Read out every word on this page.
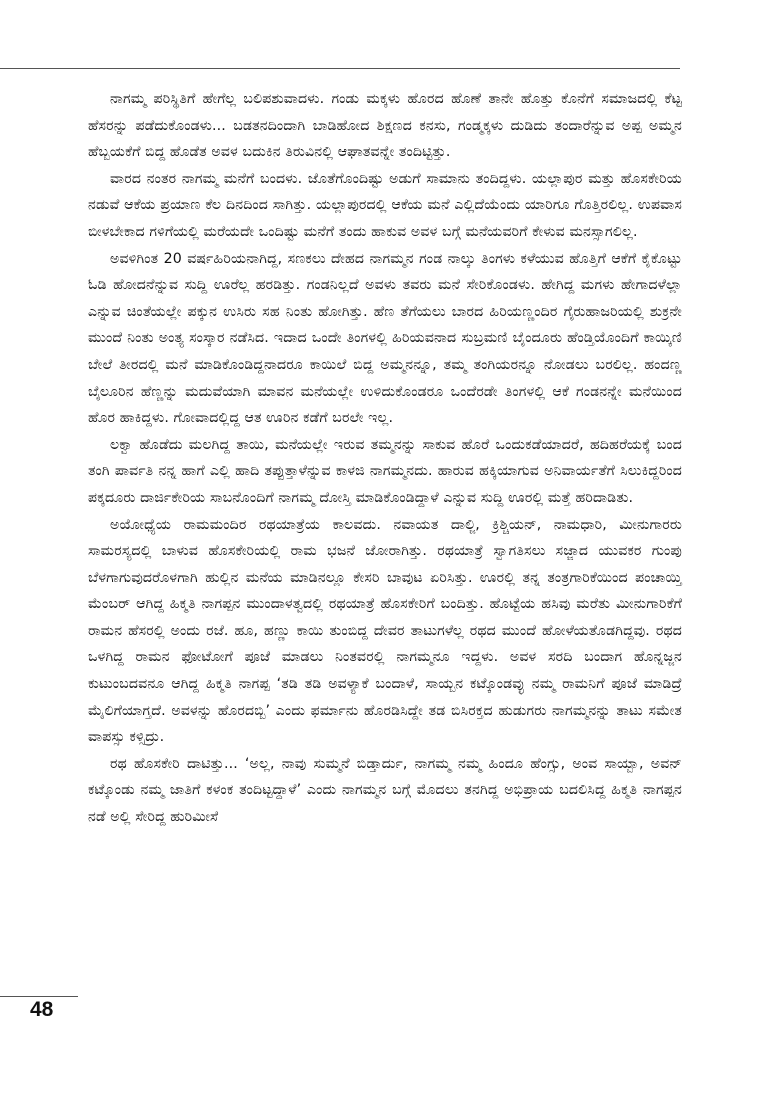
ನಾಗಮ್ಮ ಪರಿಸ್ಥಿತಿಗೆ ಹೇಗೆಲ್ಲ ಬಲಿಪಶುವಾದಳು. ಗಂಡು ಮಕ್ಕಳು ಹೊರದ ಹೊಣೆ ತಾನೇ ಹೊತ್ತು ಕೊನೆಗೆ ಸಮಾಜದಲ್ಲಿ ಕೆಟ್ಟ ಹೆಸರನ್ನು ಪಡೆದುಕೊಂಡಳು... ಬಡತನದಿಂದಾಗಿ ಬಾಡಿಹೋದ ಶಿಕ್ಷಣದ ಕನಸು, ಗಂಡ್ಮಕ್ಕಳು ದುಡಿದು ತಂದಾರೆನ್ನುವ ಅಪ್ಪ ಅಮ್ಮನ ಹೆಬ್ಬಯಕೆಗೆ ಬಿದ್ದ ಹೊಡೆತ ಅವಳ ಬದುಕಿನ ತಿರುವಿನಲ್ಲಿ ಆಘಾತವನ್ನೇ ತಂದಿಟ್ಟಿತ್ತು.

ವಾರದ ನಂತರ ನಾಗಮ್ಮ ಮನೆಗೆ ಬಂದಳು. ಜೊತೆಗೊಂದಿಷ್ಟು ಅಡುಗೆ ಸಾಮಾನು ತಂದಿದ್ದಳು. ಯಲ್ಲಾಪುರ ಮತ್ತು ಹೊಸಕೇರಿಯ ನಡುವೆ ಆಕೆಯ ಪ್ರಯಾಣ ಕೆಲ ದಿನದಿಂದ ಸಾಗಿತ್ತು. ಯಲ್ಲಾಪುರದಲ್ಲಿ ಆಕೆಯ ಮನೆ ಎಲ್ಲಿದೆಯೆಂದು ಯಾರಿಗೂ ಗೊತ್ತಿರಲಿಲ್ಲ. ಉಪವಾಸ ಬೀಳಬೇಕಾದ ಗಳಿಗೆಯಲ್ಲಿ ಮರೆಯದೇ ಒಂದಿಷ್ಟು ಮನೆಗೆ ತಂದು ಹಾಕುವ ಅವಳ ಬಗ್ಗೆ ಮನೆಯವರಿಗೆ ಕೇಳುವ ಮನಸ್ಸಾಗಲಿಲ್ಲ.

ಅವಳಿಗಿಂತ 20 ವರ್ಷಹಿರಿಯನಾಗಿದ್ದ, ಸಣಕಲು ದೇಹದ ನಾಗಮ್ಮನ ಗಂಡ ನಾಲ್ಕು ತಿಂಗಳು ಕಳೆಯುವ ಹೊತ್ತಿಗೆ ಆಕೆಗೆ ಕೈಕೊಟ್ಟು ಓಡಿ ಹೋದನೆನ್ನುವ ಸುದ್ದಿ ಊರೆಲ್ಲ ಹರಡಿತ್ತು. ಗಂಡನಿಲ್ಲದೆ ಅವಳು ತವರು ಮನೆ ಸೇರಿಕೊಂಡಳು. ಹೇಗಿದ್ದ ಮಗಳು ಹೇಗಾದಳೆಲ್ಲಾ ಎನ್ನುವ ಚಿಂತೆಯಲ್ಲೇ ಪಕ್ಕುನ ಉಸಿರು ಸಹ ನಿಂತು ಹೋಗಿತ್ತು. ಹೆಣ ತೆಗೆಯಲು ಬಾರದ ಹಿರಿಯಣ್ಣಂದಿರ ಗೈರುಹಾಜರಿಯಲ್ಲಿ ಶುಕ್ರನೇ ಮುಂದೆ ನಿಂತು ಅಂತ್ಯ ಸಂಸ್ಕಾರ ನಡೆಸಿದ. ಇದಾದ ಒಂದೇ ತಿಂಗಳಲ್ಲಿ ಹಿರಿಯವನಾದ ಸುಬ್ರಮಣಿ ಬೈಂದೂರು ಹೆಂಡ್ತಿಯೊಂದಿಗೆ ಕಾಯ್ಕಿಣಿ ಬೇಲೆ ತೀರದಲ್ಲಿ ಮನೆ ಮಾಡಿಕೊಂಡಿದ್ದನಾದರೂ ಕಾಯಿಲೆ ಬಿದ್ದ ಅಮ್ಮನನ್ನೂ, ತಮ್ಮ ತಂಗಿಯರನ್ನೂ ನೋಡಲು ಬರಲಿಲ್ಲ. ಹಂದಣ್ಣ ಬೈಲೂರಿನ ಹೆಣ್ಣನ್ನು ಮದುವೆಯಾಗಿ ಮಾವನ ಮನೆಯಲ್ಲೇ ಉಳಿದುಕೊಂಡರೂ ಒಂದೆರಡೇ ತಿಂಗಳಲ್ಲಿ ಆಕೆ ಗಂಡನನ್ನೇ ಮನೆಯಿಂದ ಹೊರ ಹಾಕಿದ್ದಳು. ಗೋವಾದಲ್ಲಿದ್ದ ಆತ ಊರಿನ ಕಡೆಗೆ ಬರಲೇ ಇಲ್ಲ.

ಲಕ್ವಾ ಹೊಡೆದು ಮಲಗಿದ್ದ ತಾಯಿ, ಮನೆಯಲ್ಲೇ ಇರುವ ತಮ್ಮನನ್ನು ಸಾಕುವ ಹೊರೆ ಒಂದುಕಡೆಯಾದರೆ, ಹದಿಹರೆಯಕ್ಕೆ ಬಂದ ತಂಗಿ ಪಾರ್ವತಿ ನನ್ನ ಹಾಗೆ ಎಲ್ಲಿ ಹಾದಿ ತಪ್ಪುತ್ತಾಳೆನ್ನುವ ಕಾಳಜಿ ನಾಗಮ್ಮನದು. ಹಾರುವ ಹಕ್ಕಿಯಾಗುವ ಅನಿವಾರ್ಯತೆಗೆ ಸಿಲುಕಿದ್ದರಿಂದ ಪಕ್ಕದೂರು ದಾರ್ಜಿಕೇರಿಯ ಸಾಬನೊಂದಿಗೆ ನಾಗಮ್ಮ ದೋಸ್ತಿ ಮಾಡಿಕೊಂಡಿದ್ದಾಳೆ ಎನ್ನುವ ಸುದ್ದಿ ಊರಲ್ಲಿ ಮತ್ತೆ ಹರಿದಾಡಿತು.

ಅಯೋಧ್ಯೆಯ ರಾಮಮಂದಿರ ರಥಯಾತ್ರೆಯ ಕಾಲವದು. ನವಾಯತ ದಾಲ್ಜಿ, ಕ್ರಿಶ್ಚಿಯನ್, ನಾಮಧಾರಿ, ಮೀನುಗಾರರು ಸಾಮರಸ್ಯದಲ್ಲಿ ಬಾಳುವ ಹೊಸಕೇರಿಯಲ್ಲಿ ರಾಮ ಭಜನೆ ಜೋರಾಗಿತ್ತು. ರಥಯಾತ್ರೆ ಸ್ವಾಗತಿಸಲು ಸಜ್ಜಾದ ಯುವಕರ ಗುಂಪು ಬೆಳಗಾಗುವುದರೊಳಗಾಗಿ ಹುಲ್ಲಿನ ಮನೆಯ ಮಾಡಿನಲ್ಲೂ ಕೇಸರಿ ಬಾವುಟ ಏರಿಸಿತ್ತು. ಊರಲ್ಲಿ ತನ್ನ ತಂತ್ರಗಾರಿಕೆಯಿಂದ ಪಂಚಾಯ್ತಿ ಮೆಂಬರ್ ಆಗಿದ್ದ ಹಿಕ್ಮತಿ ನಾಗಪ್ಪನ ಮುಂದಾಳತ್ವದಲ್ಲಿ ರಥಯಾತ್ರೆ ಹೊಸಕೇರಿಗೆ ಬಂದಿತ್ತು. ಹೊಟ್ಟೆಯ ಹಸಿವು ಮರೆತು ಮೀನುಗಾರಿಕೆಗೆ ರಾಮನ ಹೆಸರಲ್ಲಿ ಅಂದು ರಜೆ. ಹೂ, ಹಣ್ಣು ಕಾಯಿ ತುಂಬಿದ್ದ ದೇವರ ತಾಟುಗಳೆಲ್ಲ ರಥದ ಮುಂದೆ ಹೋಳೆಯತೊಡಗಿದ್ದವು. ರಥದ ಒಳಗಿದ್ದ ರಾಮನ ಫೋಟೋಗೆ ಪೂಜೆ ಮಾಡಲು ನಿಂತವರಲ್ಲಿ ನಾಗಮ್ಮನೂ ಇದ್ದಳು. ಅವಳ ಸರದಿ ಬಂದಾಗ ಹೊನ್ನಜ್ಜನ ಕುಟುಂಬದವನೂ ಆಗಿದ್ದ ಹಿಕ್ಮತಿ ನಾಗಪ್ಪ ‘ತಡಿ ತಡಿ ಅವಳ್ಯಾಕೆ ಬಂದಾಳೆ, ಸಾಯ್ಬನ ಕಟ್ಕೊಂಡವ್ಳು ನಮ್ಮ ರಾಮನಿಗೆ ಪೂಜೆ ಮಾಡಿದ್ರೆ ಮೈಲಿಗೆಯಾಗ್ತದೆ. ಅವಳನ್ನು ಹೊರದಬ್ಬಿ’ ಎಂದು ಫರ್ಮಾನು ಹೊರಡಿಸಿದ್ದೇ ತಡ ಬಿಸಿರಕ್ತದ ಹುಡುಗರು ನಾಗಮ್ಮನನ್ನು ತಾಟು ಸಮೇತ ವಾಪಸ್ಸು ಕಳ್ಸಿದ್ರು.

ರಥ ಹೊಸಕೇರಿ ದಾಟಿತ್ತು... ‘ಅಲ್ಲ, ನಾವು ಸುಮ್ಮನೆ ಬಿಡ್ತಾರ್ದು, ನಾಗಮ್ಮ ನಮ್ಮ ಹಿಂದೂ ಹೆಂಗ್ಸು, ಅಂವ ಸಾಯ್ಬಾ, ಅವನ್ ಕಟ್ಕೊಂಡು ನಮ್ಮ ಜಾತಿಗೆ ಕಳಂಕ ತಂದಿಟ್ಟದ್ದಾಳೆ’ ಎಂದು ನಾಗಮ್ಮನ ಬಗ್ಗೆ ಮೊದಲು ತನಗಿದ್ದ ಅಭಿಪ್ರಾಯ ಬದಲಿಸಿದ್ದ ಹಿಕ್ಮತಿ ನಾಗಪ್ಪನ ನಡೆ ಅಲ್ಲಿ ಸೇರಿದ್ದ ಹುರಿಮೀಸೆ

48
